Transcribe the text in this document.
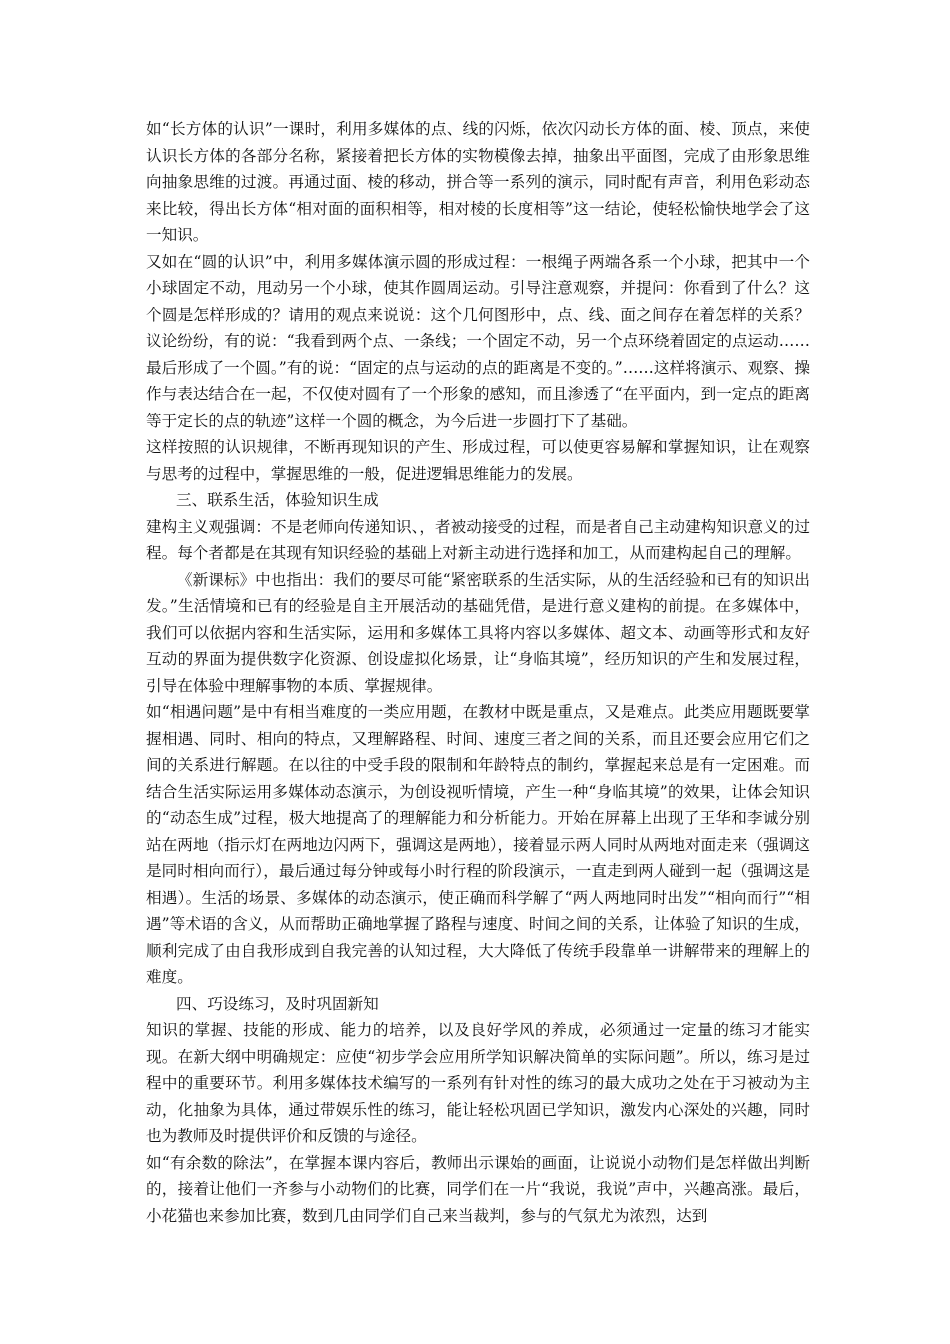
如“长方体的认识”一课时，利用多媒体的点、线的闪烁，依次闪动长方体的面、棱、顶点，来使认识长方体的各部分名称，紧接着把长方体的实物模像去掉，抽象出平面图，完成了由形象思维向抽象思维的过渡。再通过面、棱的移动，拼合等一系列的演示，同时配有声音，利用色彩动态来比较，得出长方体“相对面的面积相等，相对棱的长度相等”这一结论，使轻松愉快地学会了这一知识。

又如在“圆的认识”中，利用多媒体演示圆的形成过程：一根绳子两端各系一个小球，把其中一个小球固定不动，甩动另一个小球，使其作圆周运动。引导注意观察，并提问：你看到了什么？这个圆是怎样形成的？请用的观点来说说：这个几何图形中，点、线、面之间存在着怎样的关系？议论纷纷，有的说：“我看到两个点、一条线；一个固定不动，另一个点环绕着固定的点运动……最后形成了一个圆。”有的说：“固定的点与运动的点的距离是不变的。”……这样将演示、观察、操作与表达结合在一起，不仅使对圆有了一个形象的感知，而且渗透了“在平面内，到一定点的距离等于定长的点的轨迹”这样一个圆的概念，为今后进一步圆打下了基础。

这样按照的认识规律，不断再现知识的产生、形成过程，可以使更容易解和掌握知识，让在观察与思考的过程中，掌握思维的一般，促进逻辑思维能力的发展。

三、联系生活，体验知识生成

建构主义观强调：不是老师向传递知识、，者被动接受的过程，而是者自己主动建构知识意义的过程。每个者都是在其现有知识经验的基础上对新主动进行选择和加工，从而建构起自己的理解。

《新课标》中也指出：我们的要尽可能“紧密联系的生活实际，从的生活经验和已有的知识出发。”生活情境和已有的经验是自主开展活动的基础凭借，是进行意义建构的前提。在多媒体中，我们可以依据内容和生活实际，运用和多媒体工具将内容以多媒体、超文本、动画等形式和友好互动的界面为提供数字化资源、创设虚拟化场景，让“身临其境”，经历知识的产生和发展过程，引导在体验中理解事物的本质、掌握规律。

如“相遇问题”是中有相当难度的一类应用题，在教材中既是重点，又是难点。此类应用题既要掌握相遇、同时、相向的特点，又理解路程、时间、速度三者之间的关系，而且还要会应用它们之间的关系进行解题。在以往的中受手段的限制和年龄特点的制约，掌握起来总是有一定困难。而结合生活实际运用多媒体动态演示，为创设视听情境，产生一种“身临其境”的效果，让体会知识的“动态生成”过程，极大地提高了的理解能力和分析能力。开始在屏幕上出现了王华和李诚分别站在两地（指示灯在两地边闪两下，强调这是两地），接着显示两人同时从两地对面走来（强调这是同时相向而行），最后通过每分钟或每小时行程的阶段演示，一直走到两人碰到一起（强调这是相遇）。生活的场景、多媒体的动态演示，使正确而科学解了“两人两地同时出发”“相向而行”“相遇”等术语的含义，从而帮助正确地掌握了路程与速度、时间之间的关系，让体验了知识的生成，顺利完成了由自我形成到自我完善的认知过程，大大降低了传统手段靠单一讲解带来的理解上的难度。

四、巧设练习，及时巩固新知

知识的掌握、技能的形成、能力的培养，以及良好学风的养成，必须通过一定量的练习才能实现。在新大纲中明确规定：应使“初步学会应用所学知识解决简单的实际问题”。所以，练习是过程中的重要环节。利用多媒体技术编写的一系列有针对性的练习的最大成功之处在于习被动为主动，化抽象为具体，通过带娱乐性的练习，能让轻松巩固已学知识，激发内心深处的兴趣，同时也为教师及时提供评价和反馈的与途径。

如“有余数的除法”，在掌握本课内容后，教师出示课始的画面，让说说小动物们是怎样做出判断的，接着让他们一齐参与小动物们的比赛，同学们在一片“我说，我说”声中，兴趣高涨。最后，小花猫也来参加比赛，数到几由同学们自己来当裁判，参与的气氛尤为浓烈，达到
